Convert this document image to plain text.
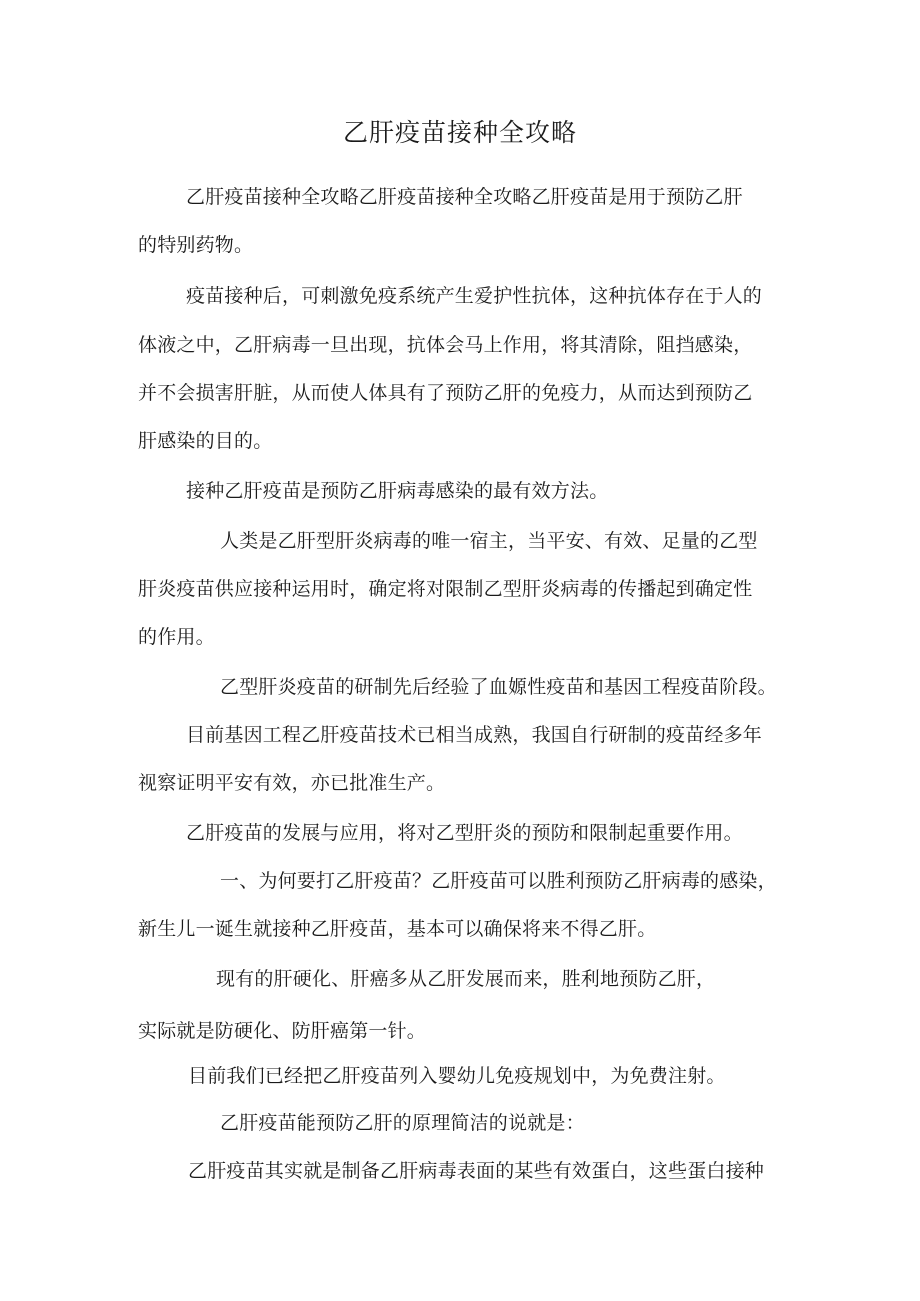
乙肝疫苗接种全攻略
乙肝疫苗接种全攻略乙肝疫苗接种全攻略乙肝疫苗是用于预防乙肝
的特别药物。
疫苗接种后，可刺激免疫系统产生爱护性抗体，这种抗体存在于人的
体液之中，乙肝病毒一旦出现，抗体会马上作用，将其清除，阻挡感染，
并不会损害肝脏，从而使人体具有了预防乙肝的免疫力，从而达到预防乙
肝感染的目的。
接种乙肝疫苗是预防乙肝病毒感染的最有效方法。
人类是乙肝型肝炎病毒的唯一宿主，当平安、有效、足量的乙型
肝炎疫苗供应接种运用时，确定将对限制乙型肝炎病毒的传播起到确定性
的作用。
乙型肝炎疫苗的研制先后经验了血嫄性疫苗和基因工程疫苗阶段。
目前基因工程乙肝疫苗技术已相当成熟，我国自行研制的疫苗经多年
视察证明平安有效，亦已批准生产。
乙肝疫苗的发展与应用，将对乙型肝炎的预防和限制起重要作用。
一、为何要打乙肝疫苗？乙肝疫苗可以胜利预防乙肝病毒的感染，
新生儿一诞生就接种乙肝疫苗，基本可以确保将来不得乙肝。
现有的肝硬化、肝癌多从乙肝发展而来，胜利地预防乙肝，
实际就是防硬化、防肝癌第一针。
目前我们已经把乙肝疫苗列入婴幼儿免疫规划中，为免费注射。
乙肝疫苗能预防乙肝的原理简洁的说就是：
乙肝疫苗其实就是制备乙肝病毒表面的某些有效蛋白，这些蛋白接种
